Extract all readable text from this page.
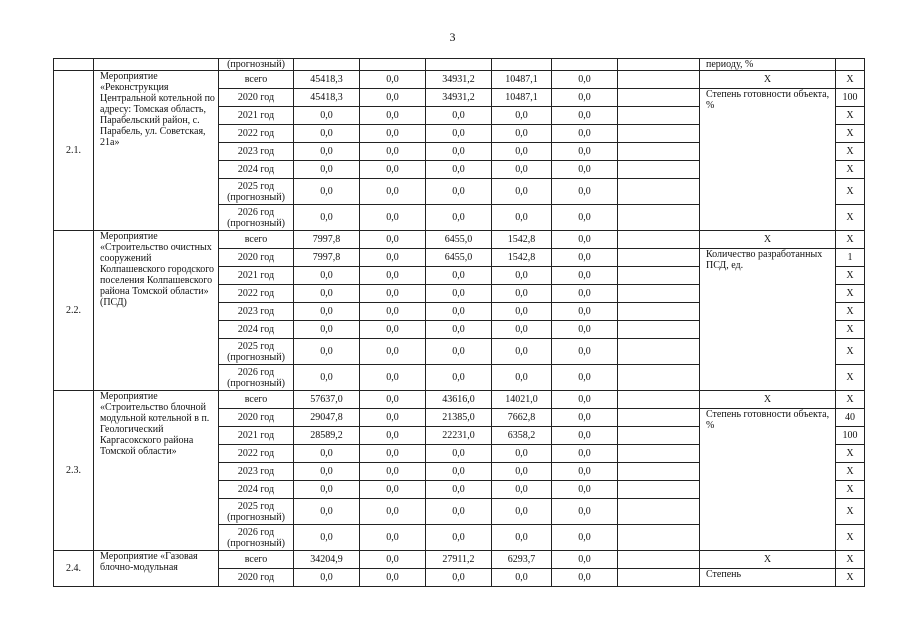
3
		(прогнозный)							периоду, %	
2.1.	Мероприятие «Реконструкция Центральной котельной по адресу: Томская область, Парабельский район, с. Парабель, ул. Советская, 21а»	всего	45418,3	0,0	34931,2	10487,1	0,0		X	X
		2020 год	45418,3	0,0	34931,2	10487,1	0,0		Степень готовности объекта, %	100
		2021 год	0,0	0,0	0,0	0,0	0,0			X
		2022 год	0,0	0,0	0,0	0,0	0,0			X
		2023 год	0,0	0,0	0,0	0,0	0,0			X
		2024 год	0,0	0,0	0,0	0,0	0,0			X
		2025 год (прогнозный)	0,0	0,0	0,0	0,0	0,0			X
		2026 год (прогнозный)	0,0	0,0	0,0	0,0	0,0			X
2.2.	Мероприятие «Строительство очистных сооружений Колпашевского городского поселения Колпашевского района Томской области» (ПСД)	всего	7997,8	0,0	6455,0	1542,8	0,0		X	X
		2020 год	7997,8	0,0	6455,0	1542,8	0,0		Количество разработанных ПСД, ед.	1
		2021 год	0,0	0,0	0,0	0,0	0,0			X
		2022 год	0,0	0,0	0,0	0,0	0,0			X
		2023 год	0,0	0,0	0,0	0,0	0,0			X
		2024 год	0,0	0,0	0,0	0,0	0,0			X
		2025 год (прогнозный)	0,0	0,0	0,0	0,0	0,0			X
		2026 год (прогнозный)	0,0	0,0	0,0	0,0	0,0			X
2.3.	Мероприятие «Строительство блочной модульной котельной в п. Геологический Каргасокского района Томской области»	всего	57637,0	0,0	43616,0	14021,0	0,0		X	X
		2020 год	29047,8	0,0	21385,0	7662,8	0,0		Степень готовности объекта, %	40
		2021 год	28589,2	0,0	22231,0	6358,2	0,0			100
		2022 год	0,0	0,0	0,0	0,0	0,0			X
		2023 год	0,0	0,0	0,0	0,0	0,0			X
		2024 год	0,0	0,0	0,0	0,0	0,0			X
		2025 год (прогнозный)	0,0	0,0	0,0	0,0	0,0			X
		2026 год (прогнозный)	0,0	0,0	0,0	0,0	0,0			X
2.4.	Мероприятие «Газовая блочно-модульная	всего	34204,9	0,0	27911,2	6293,7	0,0		X	X
		2020 год	0,0	0,0	0,0	0,0	0,0		Степень	X
